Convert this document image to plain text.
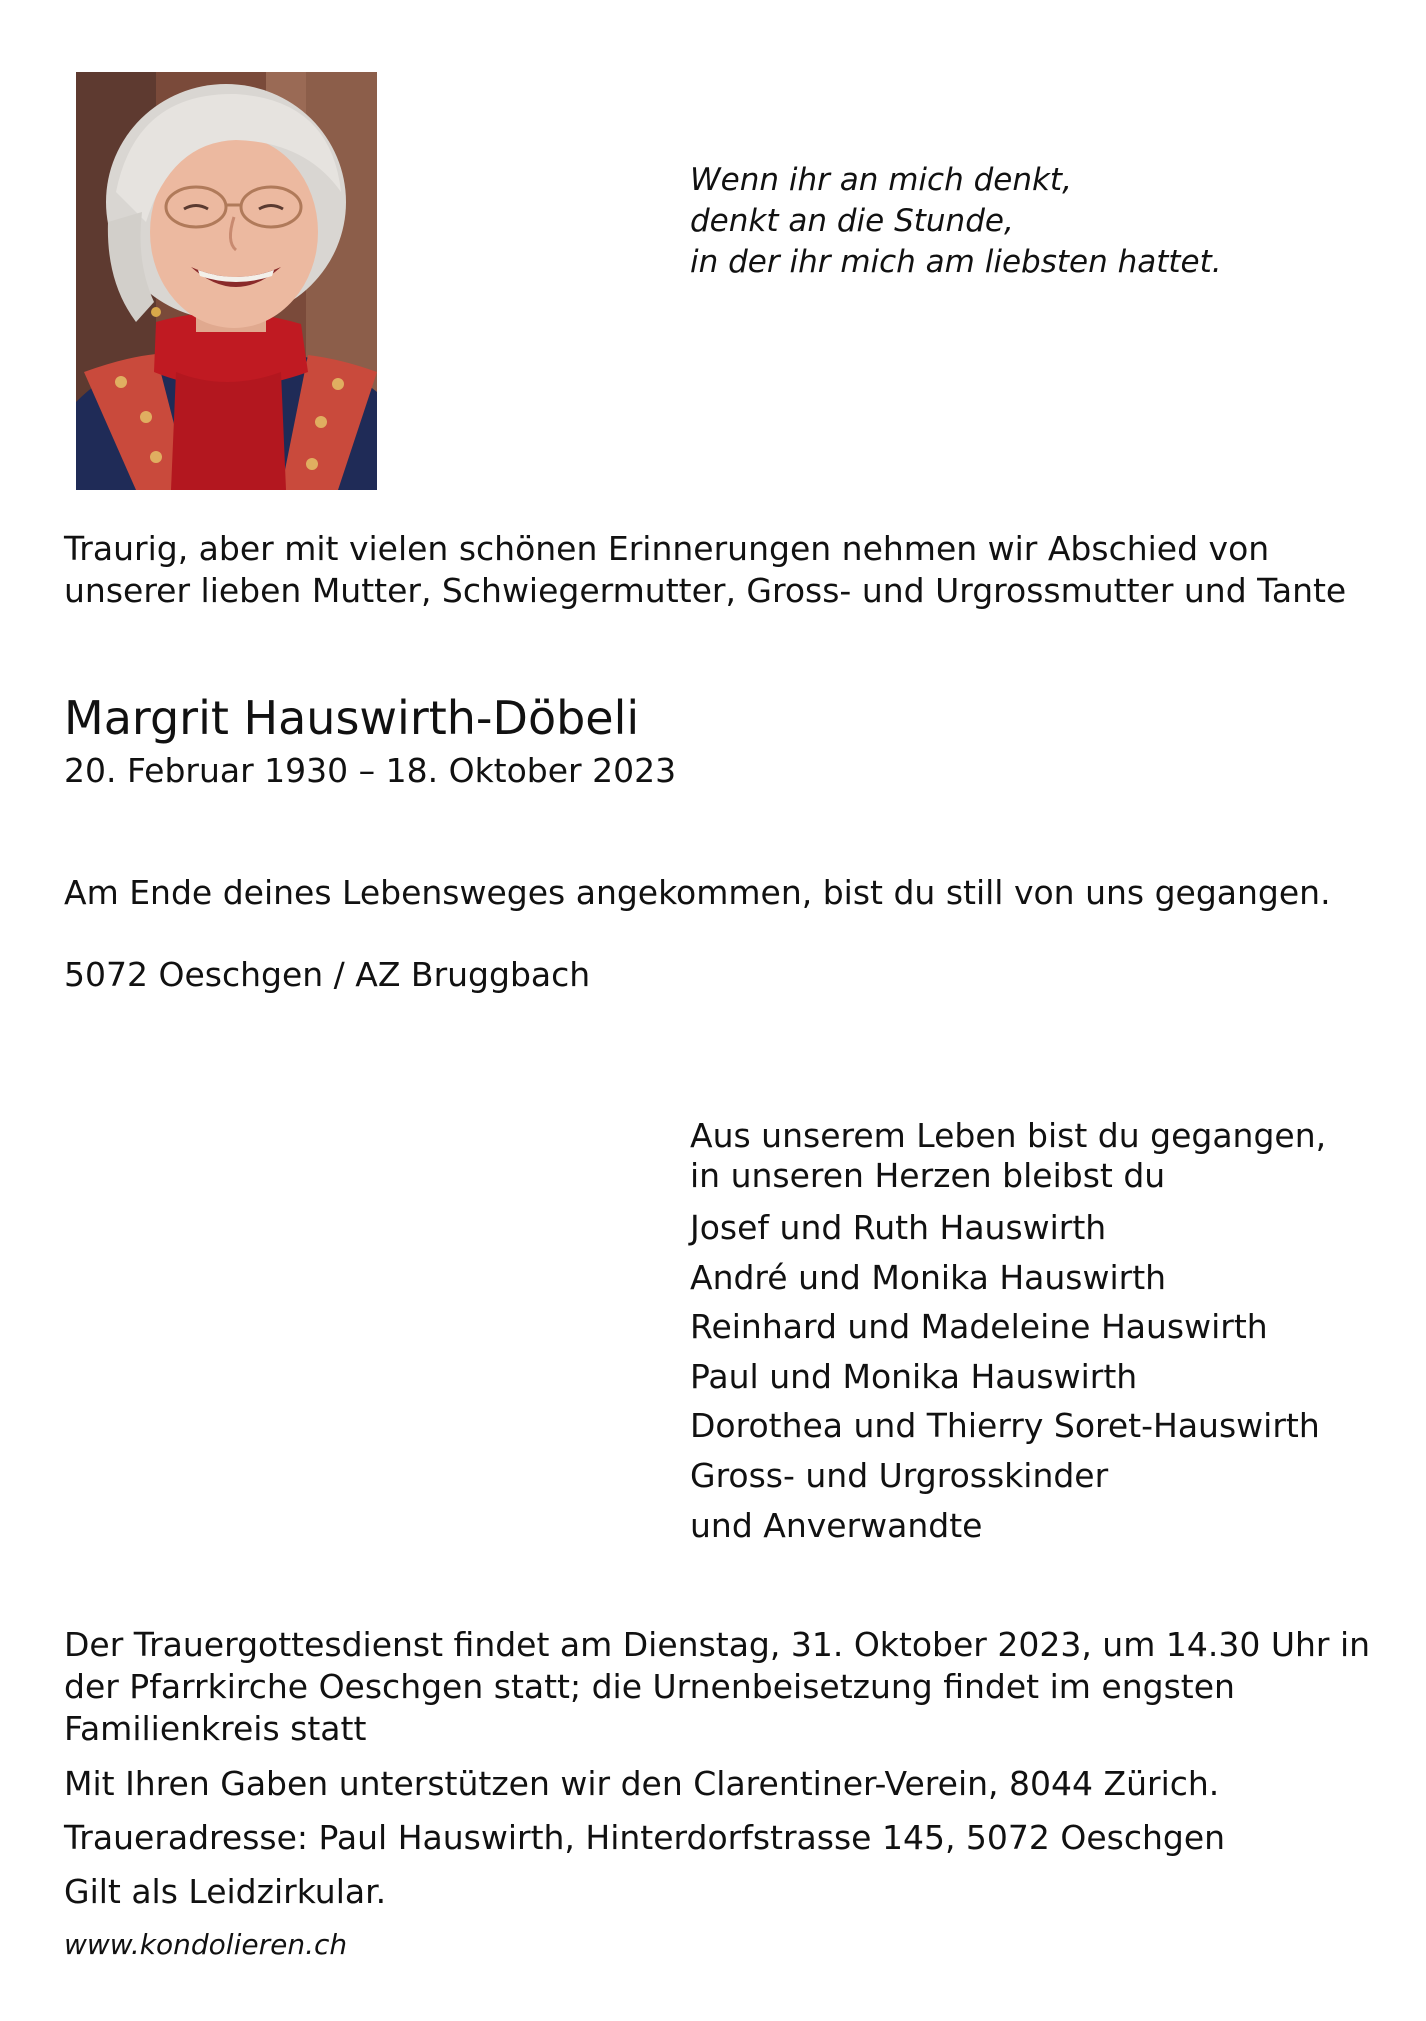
Wenn ihr an mich denkt,
denkt an die Stunde,
in der ihr mich am liebsten hattet.
Traurig, aber mit vielen schönen Erinnerungen nehmen wir Abschied von
unserer lieben Mutter, Schwiegermutter, Gross- und Urgrossmutter und Tante
Margrit Hauswirth-Döbeli
20. Februar 1930 – 18. Oktober 2023
Am Ende deines Lebensweges angekommen, bist du still von uns gegangen.
5072 Oeschgen / AZ Bruggbach
Aus unserem Leben bist du gegangen,
in unseren Herzen bleibst du
Josef und Ruth Hauswirth
André und Monika Hauswirth
Reinhard und Madeleine Hauswirth
Paul und Monika Hauswirth
Dorothea und Thierry Soret-Hauswirth
Gross- und Urgrosskinder
und Anverwandte
Der Trauergottesdienst findet am Dienstag, 31. Oktober 2023, um 14.30 Uhr in
der Pfarrkirche Oeschgen statt; die Urnenbeisetzung findet im engsten
Familienkreis statt
Mit Ihren Gaben unterstützen wir den Clarentiner-Verein, 8044 Zürich.
Traueradresse: Paul Hauswirth, Hinterdorfstrasse 145, 5072 Oeschgen
Gilt als Leidzirkular.
www.kondolieren.ch
